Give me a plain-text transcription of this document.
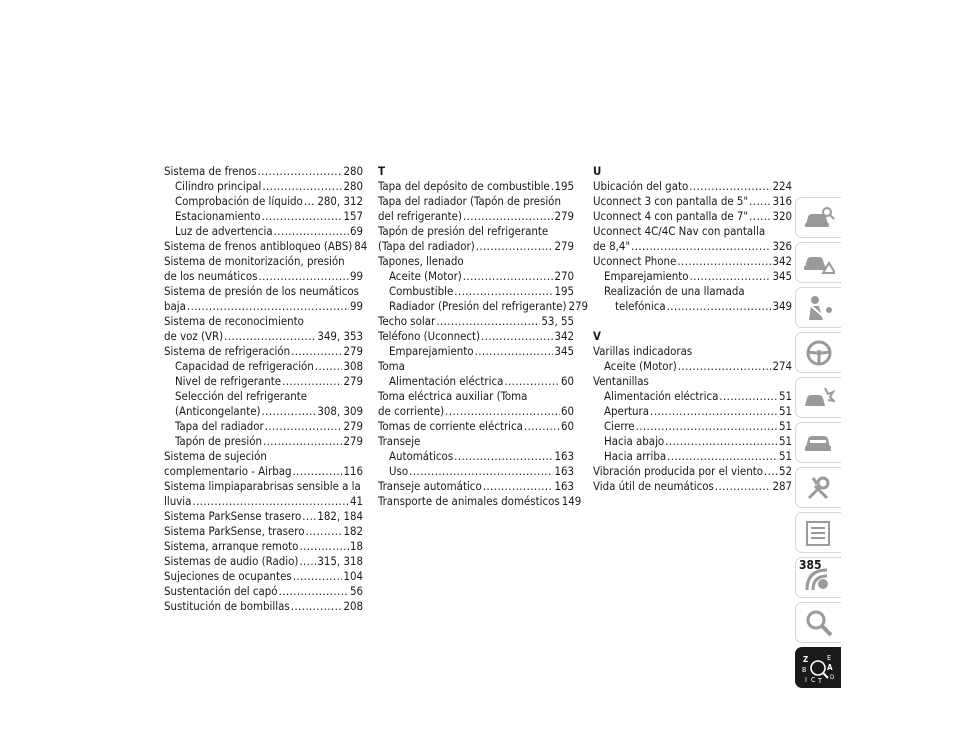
Sistema de frenos .....	280
Cilindro principal .....	280
Comprobación de líquido ..... 280, 312
Estacionamiento .....	157
Luz de advertencia .....	69
Sistema de frenos antibloqueo (ABS) 84
Sistema de monitorización, presión
de los neumáticos .....	99
Sistema de presión de los neumáticos
baja .....	99
Sistema de reconocimiento
de voz (VR) .....	349, 353
Sistema de refrigeración .....	279
Capacidad de refrigeración .....	308
Nivel de refrigerante .....	279
Selección del refrigerante
(Anticongelante) .....	308, 309
Tapa del radiador .....	279
Tapón de presión .....	279
Sistema de sujeción
complementario - Airbag .....	116
Sistema limpiaparabrisas sensible a la
lluvia .....	41
Sistema ParkSense trasero ..... 182, 184
Sistema ParkSense, trasero .....	182
Sistema, arranque remoto .....	18
Sistemas de audio (Radio) ..... 315, 318
Sujeciones de ocupantes .....	104
Sustentación del capó .....	56
Sustitución de bombillas .....	208
T
Tapa del depósito de combustible ..... 195
Tapa del radiador (Tapón de presión
del refrigerante) .....	279
Tapón de presión del refrigerante
(Tapa del radiador) .....	279
Tapones, llenado
Aceite (Motor) .....	270
Combustible .....	195
Radiador (Presión del refrigerante) 279
Techo solar .....	53, 55
Teléfono (Uconnect) .....	342
Emparejamiento .....	345
Toma
Alimentación eléctrica .....	60
Toma eléctrica auxiliar (Toma
de corriente) .....	60
Tomas de corriente eléctrica .....	60
Transeje
Automáticos .....	163
Uso .....	163
Transeje automático .....	163
Transporte de animales domésticos 149
U
Ubicación del gato .....	224
Uconnect 3 con pantalla de 5" ..... 316
Uconnect 4 con pantalla de 7" ..... 320
Uconnect 4C/4C Nav con pantalla
de 8,4" .....	326
Uconnect Phone .....	342
Emparejamiento .....	345
Realización de una llamada
telefónica .....	349
V
Varillas indicadoras
Aceite (Motor) .....	274
Ventanillas
Alimentación eléctrica .....	51
Apertura .....	51
Cierre .....	51
Hacia abajo .....	51
Hacia arriba .....	51
Vibración producida por el viento ..... 52
Vida útil de neumáticos .....	287
Z	E
B	A
I C T D
385
